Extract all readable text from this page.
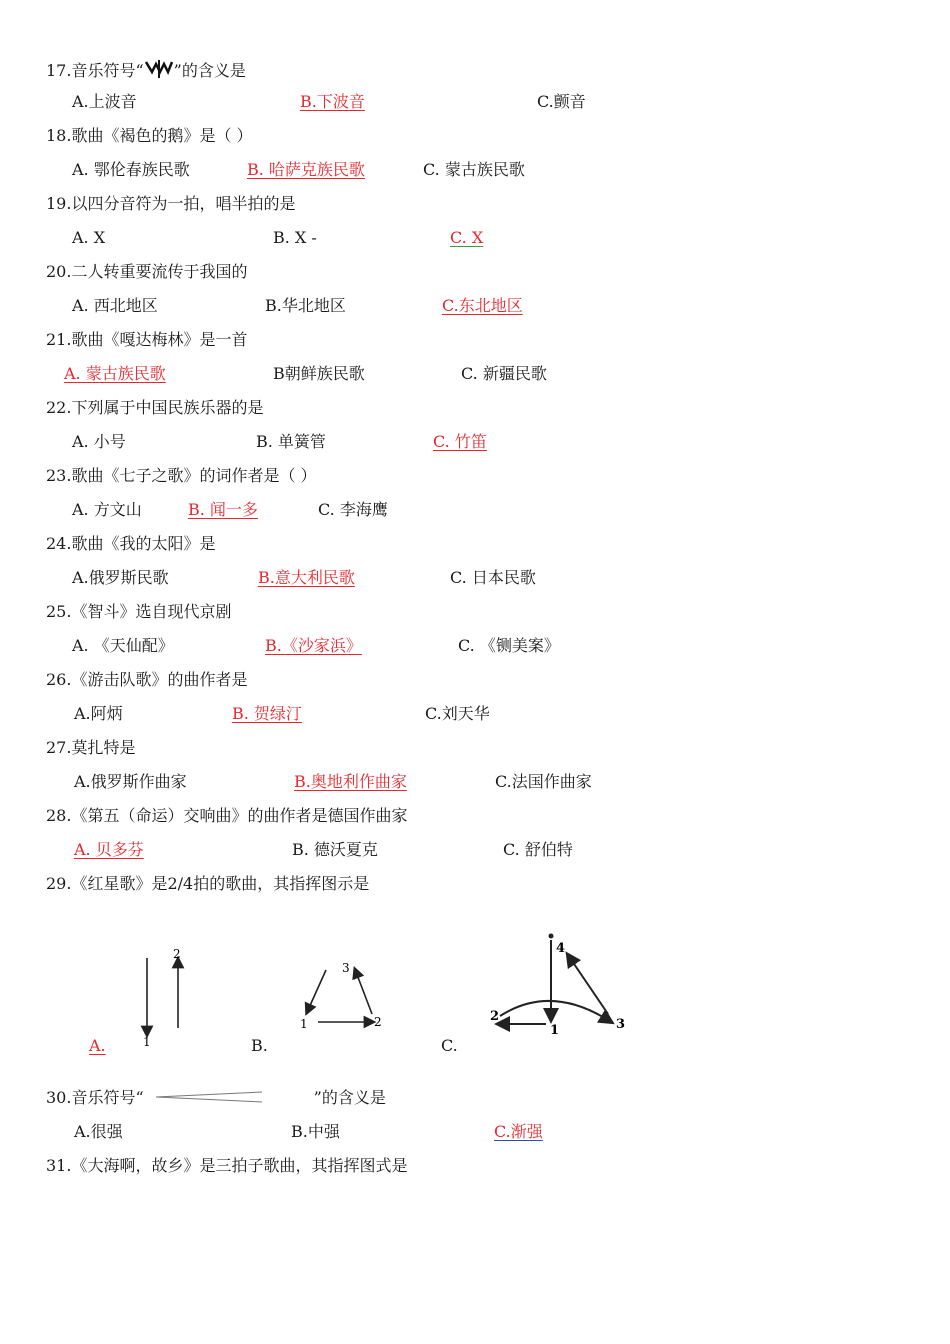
17.音乐符号“ ”的含义是
A.上波音	B.下波音	C.颤音
18.歌曲《褐色的鹅》是（ ）
A. 鄂伦春族民歌	B. 哈萨克族民歌	C. 蒙古族民歌
19.以四分音符为一拍，唱半拍的是
A. X	B. X -	C. X
20.二人转重要流传于我国的
A. 西北地区	B.华北地区	C.东北地区
21.歌曲《嘎达梅林》是一首
A. 蒙古族民歌	B朝鲜族民歌	C. 新疆民歌
22.下列属于中国民族乐器的是
A. 小号	B. 单簧管	C. 竹笛
23.歌曲《七子之歌》的词作者是（ ）
A. 方文山	B. 闻一多	C. 李海鹰
24.歌曲《我的太阳》是
A.俄罗斯民歌	B.意大利民歌	C. 日本民歌
25.《智斗》选自现代京剧
A. 《天仙配》	B.《沙家浜》	C. 《铡美案》
26.《游击队歌》的曲作者是
A.阿炳	B. 贺绿汀	C.刘天华
27.莫扎特是
A.俄罗斯作曲家	B.奥地利作曲家	C.法国作曲家
28.《第五（命运）交响曲》的曲作者是德国作曲家
A. 贝多芬	B. 德沃夏克	C. 舒伯特
29.《红星歌》是2/4拍的歌曲，其指挥图示是
1
2
1	2
3
1
2
3
4
A.	B.	C.
30.音乐符号“	”的含义是
A.很强	B.中强	C.渐强
31.《大海啊，故乡》是三拍子歌曲，其指挥图式是
